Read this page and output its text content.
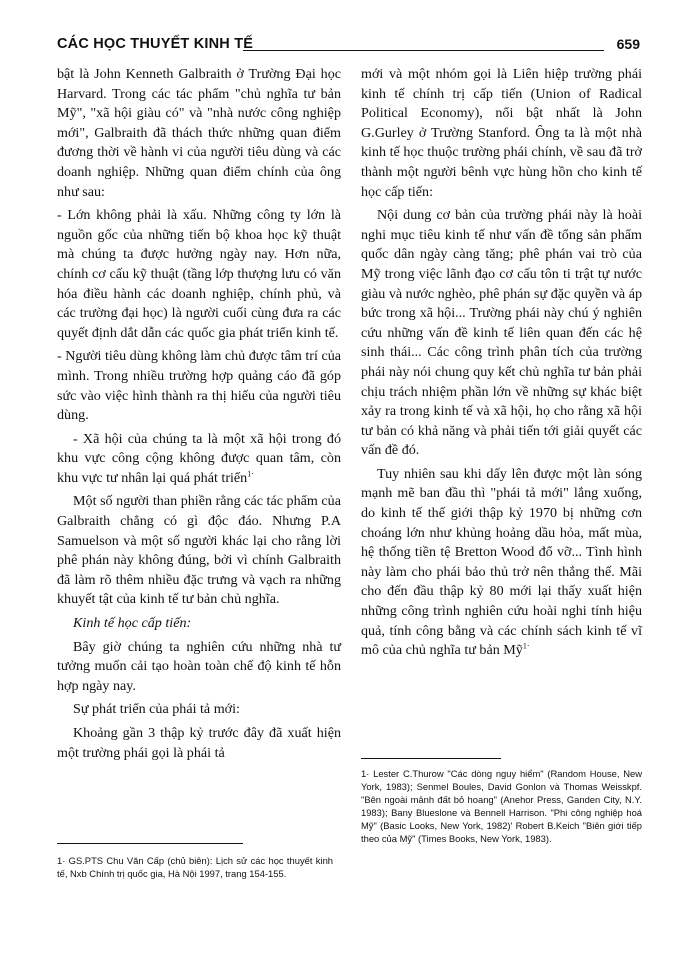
CÁC HỌC THUYẾT KINH TẾ	659

bật là John Kenneth Galbraith ở Trường Đại học Harvard. Trong các tác phẩm "chủ nghĩa tư bản Mỹ", "xã hội giàu có" và "nhà nước công nghiệp mới", Galbraith đã thách thức những quan điểm đương thời về hành vi của người tiêu dùng và các doanh nghiệp. Những quan điểm chính của ông như sau:

- Lớn không phải là xấu. Những công ty lớn là nguồn gốc của những tiến bộ khoa học kỹ thuật mà chúng ta được hưởng ngày nay. Hơn nữa, chính cơ cấu kỹ thuật (tầng lớp thượng lưu có văn hóa điều hành các doanh nghiệp, chính phủ, và các trường đại học) là người cuối cùng đưa ra các quyết định dắt dẫn các quốc gia phát triển kinh tế.

- Người tiêu dùng không làm chủ được tâm trí của mình. Trong nhiều trường hợp quảng cáo đã góp sức vào việc hình thành ra thị hiếu của người tiêu dùng.

- Xã hội của chúng ta là một xã hội trong đó khu vực công cộng không được quan tâm, còn khu vực tư nhân lại quá phát triển$^{1\cdot}$

Một số người than phiền rằng các tác phẩm của Galbraith chẳng có gì độc đáo. Nhưng P.A Samuelson và một số người khác lại cho rằng lời phê phán này không đúng, bởi vì chính Galbraith đã làm rõ thêm nhiều đặc trưng và vạch ra những khuyết tật của kinh tế tư bản chủ nghĩa.

Kinh tế học cấp tiến:

Bây giờ chúng ta nghiên cứu những nhà tư tưởng muốn cải tạo hoàn toàn chế độ kinh tế hỗn hợp ngày nay.

Sự phát triển của phái tả mới:

Khoảng gần 3 thập kỷ trước đây đã xuất hiện một trường phái gọi là phái tả

mới và một nhóm gọi là Liên hiệp trường phái kinh tế chính trị cấp tiến (Union of Radical Political Economy), nổi bật nhất là John G.Gurley ở Trường Stanford. Ông ta là một nhà kinh tế học thuộc trường phái chính, về sau đã trở thành một người bênh vực hùng hồn cho kinh tế học cấp tiến:

Nội dung cơ bản của trường phái này là hoài nghi mục tiêu kinh tế như vấn đề tổng sản phẩm quốc dân ngày càng tăng; phê phán vai trò của Mỹ trong việc lãnh đạo cơ cấu tôn ti trật tự nước giàu và nước nghèo, phê phán sự đặc quyền và áp bức trong xã hội... Trường phái này chú ý nghiên cứu những vấn đề kinh tế liên quan đến các hệ sinh thái... Các công trình phân tích của trường phái này nói chung quy kết chủ nghĩa tư bản phải chịu trách nhiệm phần lớn về những sự khác biệt xảy ra trong kinh tế và xã hội, họ cho rằng xã hội tư bản có khả năng và phải tiến tới giải quyết các vấn đề đó.

Tuy nhiên sau khi dấy lên được một làn sóng mạnh mẽ ban đầu thì "phái tả mới" lắng xuống, do kinh tế thế giới thập kỷ 1970 bị những cơn choáng lớn như khủng hoảng dầu hỏa, mất mùa, hệ thống tiền tệ Bretton Wood đổ vỡ... Tình hình này làm cho phái bảo thủ trở nên thắng thế. Mãi cho đến đầu thập kỷ 80 mới lại thấy xuất hiện những công trình nghiên cứu hoài nghi tính hiệu quả, tính công bằng và các chính sách kinh tế vĩ mô của chủ nghĩa tư bản Mỹ$^{1\cdot}$

1· GS.PTS Chu Văn Cấp (chủ biên): Lịch sử các học thuyết kinh tế, Nxb Chính trị quốc gia, Hà Nội 1997, trang 154-155.
1· Lester C.Thurow "Các dòng nguy hiểm" (Random House, New York, 1983); Senmel Boules, David Gonlon và Thomas Weisskpf. "Bên ngoài mảnh đất bỏ hoang" (Anehor Press, Ganden City, N.Y. 1983); Bany Blueslone và Bennell Harrison. "Phi công nghiệp hoá Mỹ" (Basic Looks, New York, 1982)' Robert B.Keich "Biên giới tiếp theo của Mỹ" (Times Books, New York, 1983).
